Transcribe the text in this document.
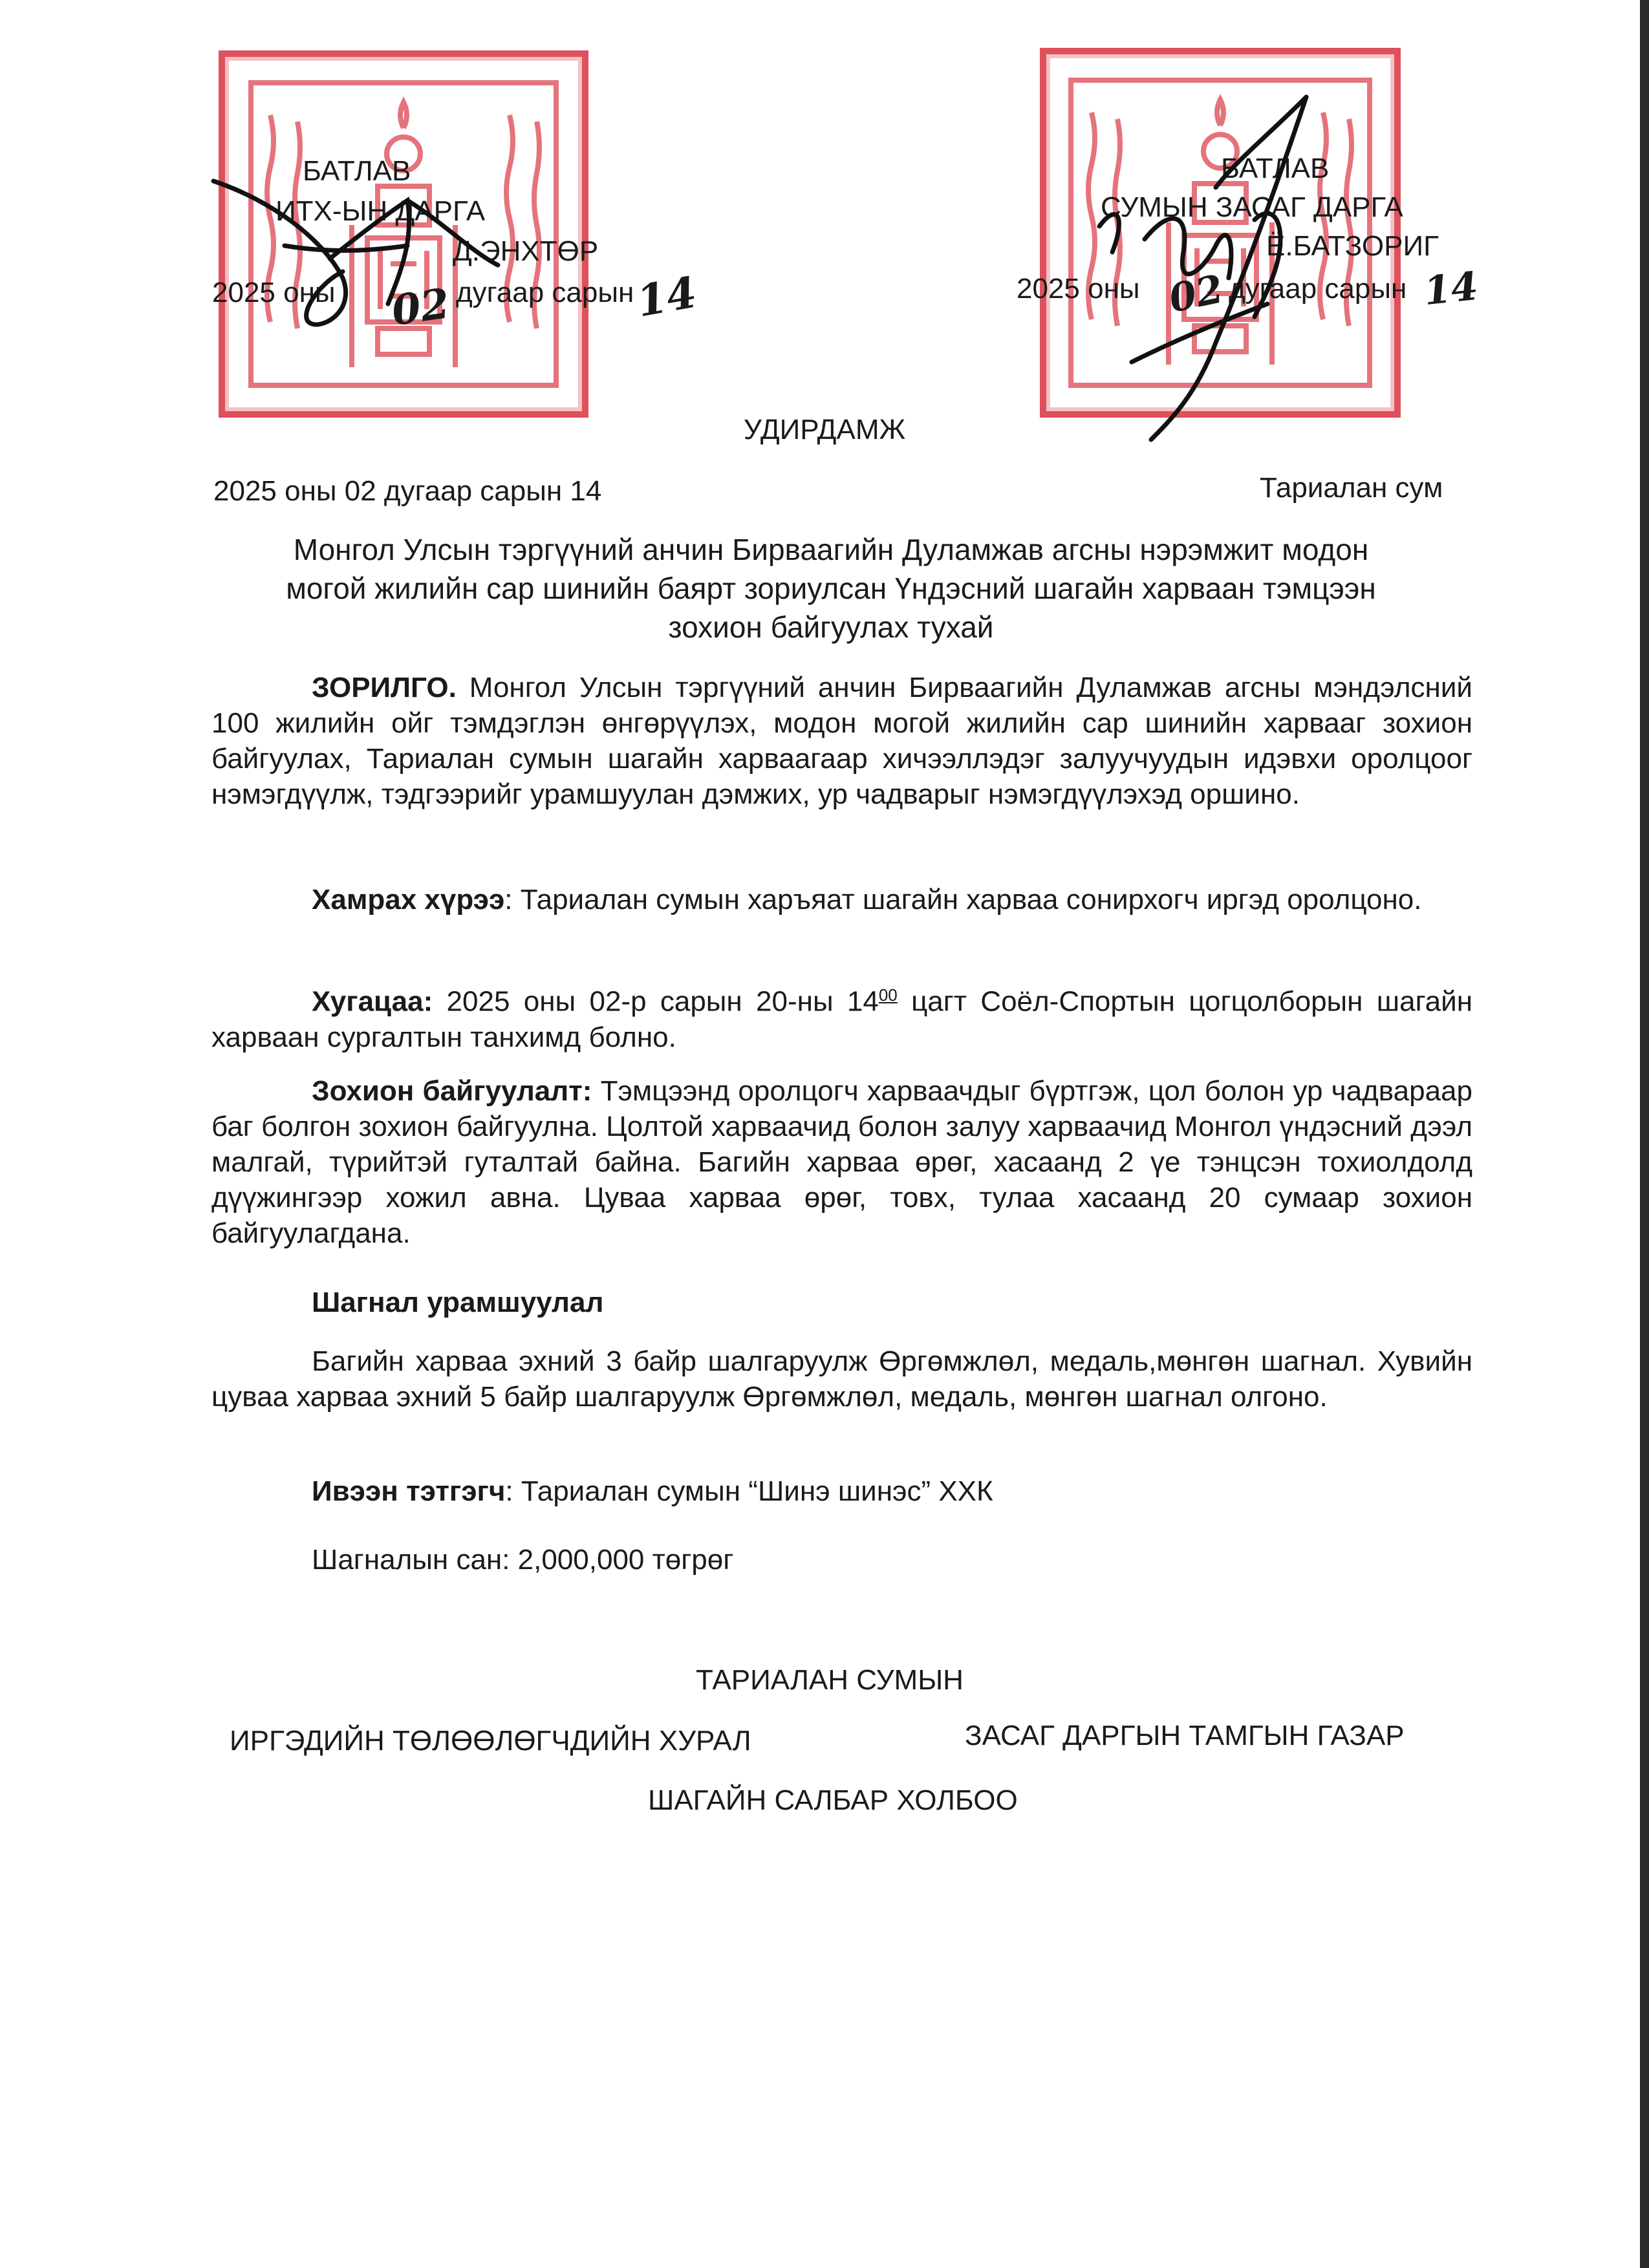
БАТЛАВ
ИТХ-ЫН ДАРГА
Д.ЭНХТӨР
2025 оны	дугаар сарын
02	14
БАТЛАВ
СУМЫН ЗАСАГ ДАРГА
Ё.БАТЗОРИГ
2025 оны	дугаар сарын
02	14
УДИРДАМЖ
2025 оны 02 дугаар сарын 14	Тариалан сум
Монгол Улсын тэргүүний анчин Бирваагийн Дуламжав агсны нэрэмжит модон
могой жилийн сар шинийн баярт зориулсан Үндэсний шагайн харваан тэмцээн
зохион байгуулах тухай
ЗОРИЛГО. Монгол Улсын тэргүүний анчин Бирваагийн Дуламжав агсны мэндэлсний 100 жилийн ойг тэмдэглэн өнгөрүүлэх, модон могой жилийн сар шинийн харвааг зохион байгуулах, Тариалан сумын шагайн харваагаар хичээллэдэг залуучуудын идэвхи оролцоог нэмэгдүүлж, тэдгээрийг урамшуулан дэмжих, ур чадварыг нэмэгдүүлэхэд оршино.
Хамрах хүрээ: Тариалан сумын харъяат шагайн харваа сонирхогч иргэд оролцоно.
Хугацаа: 2025 оны 02-р сарын 20-ны $14^{00}$ цагт Соёл-Спортын цогцолборын шагайн харваан сургалтын танхимд болно.
Зохион байгуулалт: Тэмцээнд оролцогч харваачдыг бүртгэж, цол болон ур чадвараар баг болгон зохион байгуулна. Цолтой харваачид болон залуу харваачид Монгол үндэсний дээл малгай, түрийтэй гуталтай байна. Багийн харваа өрөг, хасаанд 2 үе тэнцсэн тохиолдолд дүүжингээр хожил авна. Цуваа харваа өрөг, товх, тулаа хасаанд 20 сумаар зохион байгуулагдана.
Шагнал урамшуулал
Багийн харваа эхний 3 байр шалгаруулж Өргөмжлөл, медаль,мөнгөн шагнал. Хувийн цуваа харваа эхний 5 байр шалгаруулж Өргөмжлөл, медаль, мөнгөн шагнал олгоно.
Ивээн тэтгэгч: Тариалан сумын “Шинэ шинэс” ХХК
Шагналын сан: 2,000,000 төгрөг
ТАРИАЛАН СУМЫН
ИРГЭДИЙН ТӨЛӨӨЛӨГЧДИЙН ХУРАЛ	ЗАСАГ ДАРГЫН ТАМГЫН ГАЗАР
ШАГАЙН САЛБАР ХОЛБОО
